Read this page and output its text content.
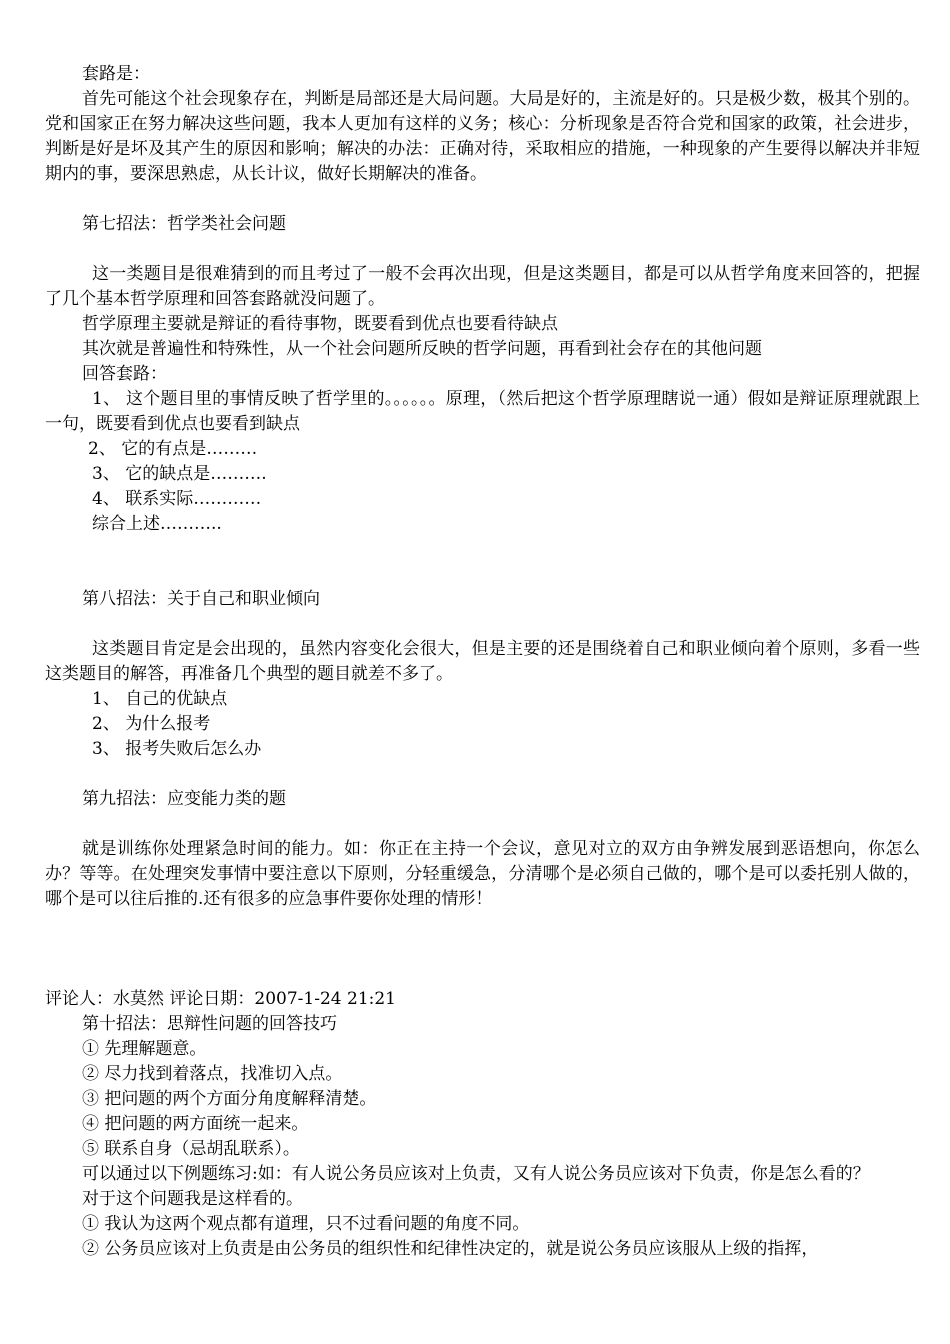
套路是：

首先可能这个社会现象存在，判断是局部还是大局问题。大局是好的，主流是好的。只是极少数，极其个别的。党和国家正在努力解决这些问题，我本人更加有这样的义务；核心：分析现象是否符合党和国家的政策，社会进步，判断是好是坏及其产生的原因和影响；解决的办法：正确对待，采取相应的措施，一种现象的产生要得以解决并非短期内的事，要深思熟虑，从长计议，做好长期解决的准备。

第七招法：哲学类社会问题

这一类题目是很难猜到的而且考过了一般不会再次出现，但是这类题目，都是可以从哲学角度来回答的，把握了几个基本哲学原理和回答套路就没问题了。

哲学原理主要就是辩证的看待事物，既要看到优点也要看待缺点

其次就是普遍性和特殊性，从一个社会问题所反映的哲学问题，再看到社会存在的其他问题

回答套路：

1、 这个题目里的事情反映了哲学里的。。。。。。原理，（然后把这个哲学原理瞎说一通）假如是辩证原理就跟上一句，既要看到优点也要看到缺点

2、 它的有点是………

3、 它的缺点是……….

4、 联系实际…………

综合上述………..

第八招法：关于自己和职业倾向

这类题目肯定是会出现的，虽然内容变化会很大，但是主要的还是围绕着自己和职业倾向着个原则，多看一些这类题目的解答，再准备几个典型的题目就差不多了。

1、 自己的优缺点

2、 为什么报考

3、 报考失败后怎么办

第九招法：应变能力类的题

就是训练你处理紧急时间的能力。如：你正在主持一个会议，意见对立的双方由争辨发展到恶语想向，你怎么办？等等。在处理突发事情中要注意以下原则，分轻重缓急，分清哪个是必须自己做的，哪个是可以委托别人做的，哪个是可以往后推的.还有很多的应急事件要你处理的情形！

评论人：水莫然 评论日期：2007-1-24 21:21

第十招法：思辩性问题的回答技巧

① 先理解题意。

② 尽力找到着落点，找准切入点。

③ 把问题的两个方面分角度解释清楚。

④ 把问题的两方面统一起来。

⑤ 联系自身（忌胡乱联系）。

可以通过以下例题练习:如：有人说公务员应该对上负责，又有人说公务员应该对下负责，你是怎么看的？

对于这个问题我是这样看的。

① 我认为这两个观点都有道理，只不过看问题的角度不同。

② 公务员应该对上负责是由公务员的组织性和纪律性决定的，就是说公务员应该服从上级的指挥，
